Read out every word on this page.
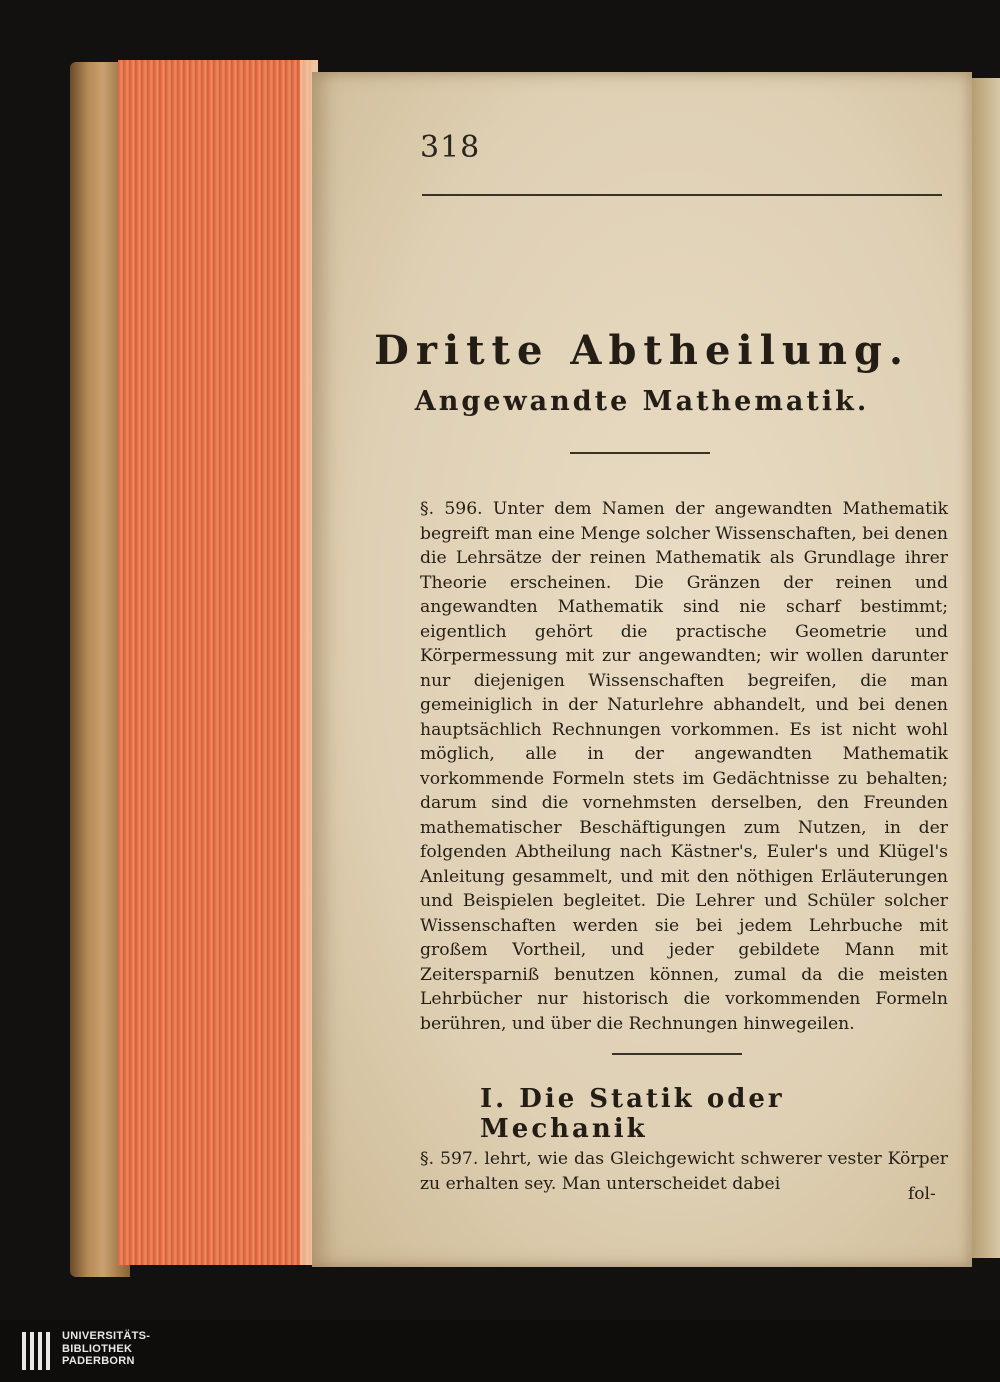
318
Dritte Abtheilung.
Angewandte Mathematik.

§. 596. Unter dem Namen der angewandten Mathematik begreift man eine Menge solcher Wissenschaften, bei denen die Lehrsätze der reinen Mathematik als Grundlage ihrer Theorie erscheinen. Die Gränzen der reinen und angewandten Mathematik sind nie scharf bestimmt; eigentlich gehört die practische Geometrie und Körpermessung mit zur angewandten; wir wollen darunter nur diejenigen Wissenschaften begreifen, die man gemeiniglich in der Naturlehre abhandelt, und bei denen hauptsächlich Rechnungen vorkommen. Es ist nicht wohl möglich, alle in der angewandten Mathematik vorkommende Formeln stets im Gedächtnisse zu behalten; darum sind die vornehmsten derselben, den Freunden mathematischer Beschäftigungen zum Nutzen, in der folgenden Abtheilung nach Kästner's, Euler's und Klügel's Anleitung gesammelt, und mit den nöthigen Erläuterungen und Beispielen begleitet. Die Lehrer und Schüler solcher Wissenschaften werden sie bei jedem Lehrbuche mit großem Vortheil, und jeder gebildete Mann mit Zeitersparniß benutzen können, zumal da die meisten Lehrbücher nur historisch die vorkommenden Formeln berühren, und über die Rechnungen hinwegeilen.

I. Die Statik oder Mechanik

§. 597. lehrt, wie das Gleichgewicht schwerer vester Körper zu erhalten sey. Man unterscheidet dabei

fol-
UNIVERSITÄTS-
BIBLIOTHEK
PADERBORN
